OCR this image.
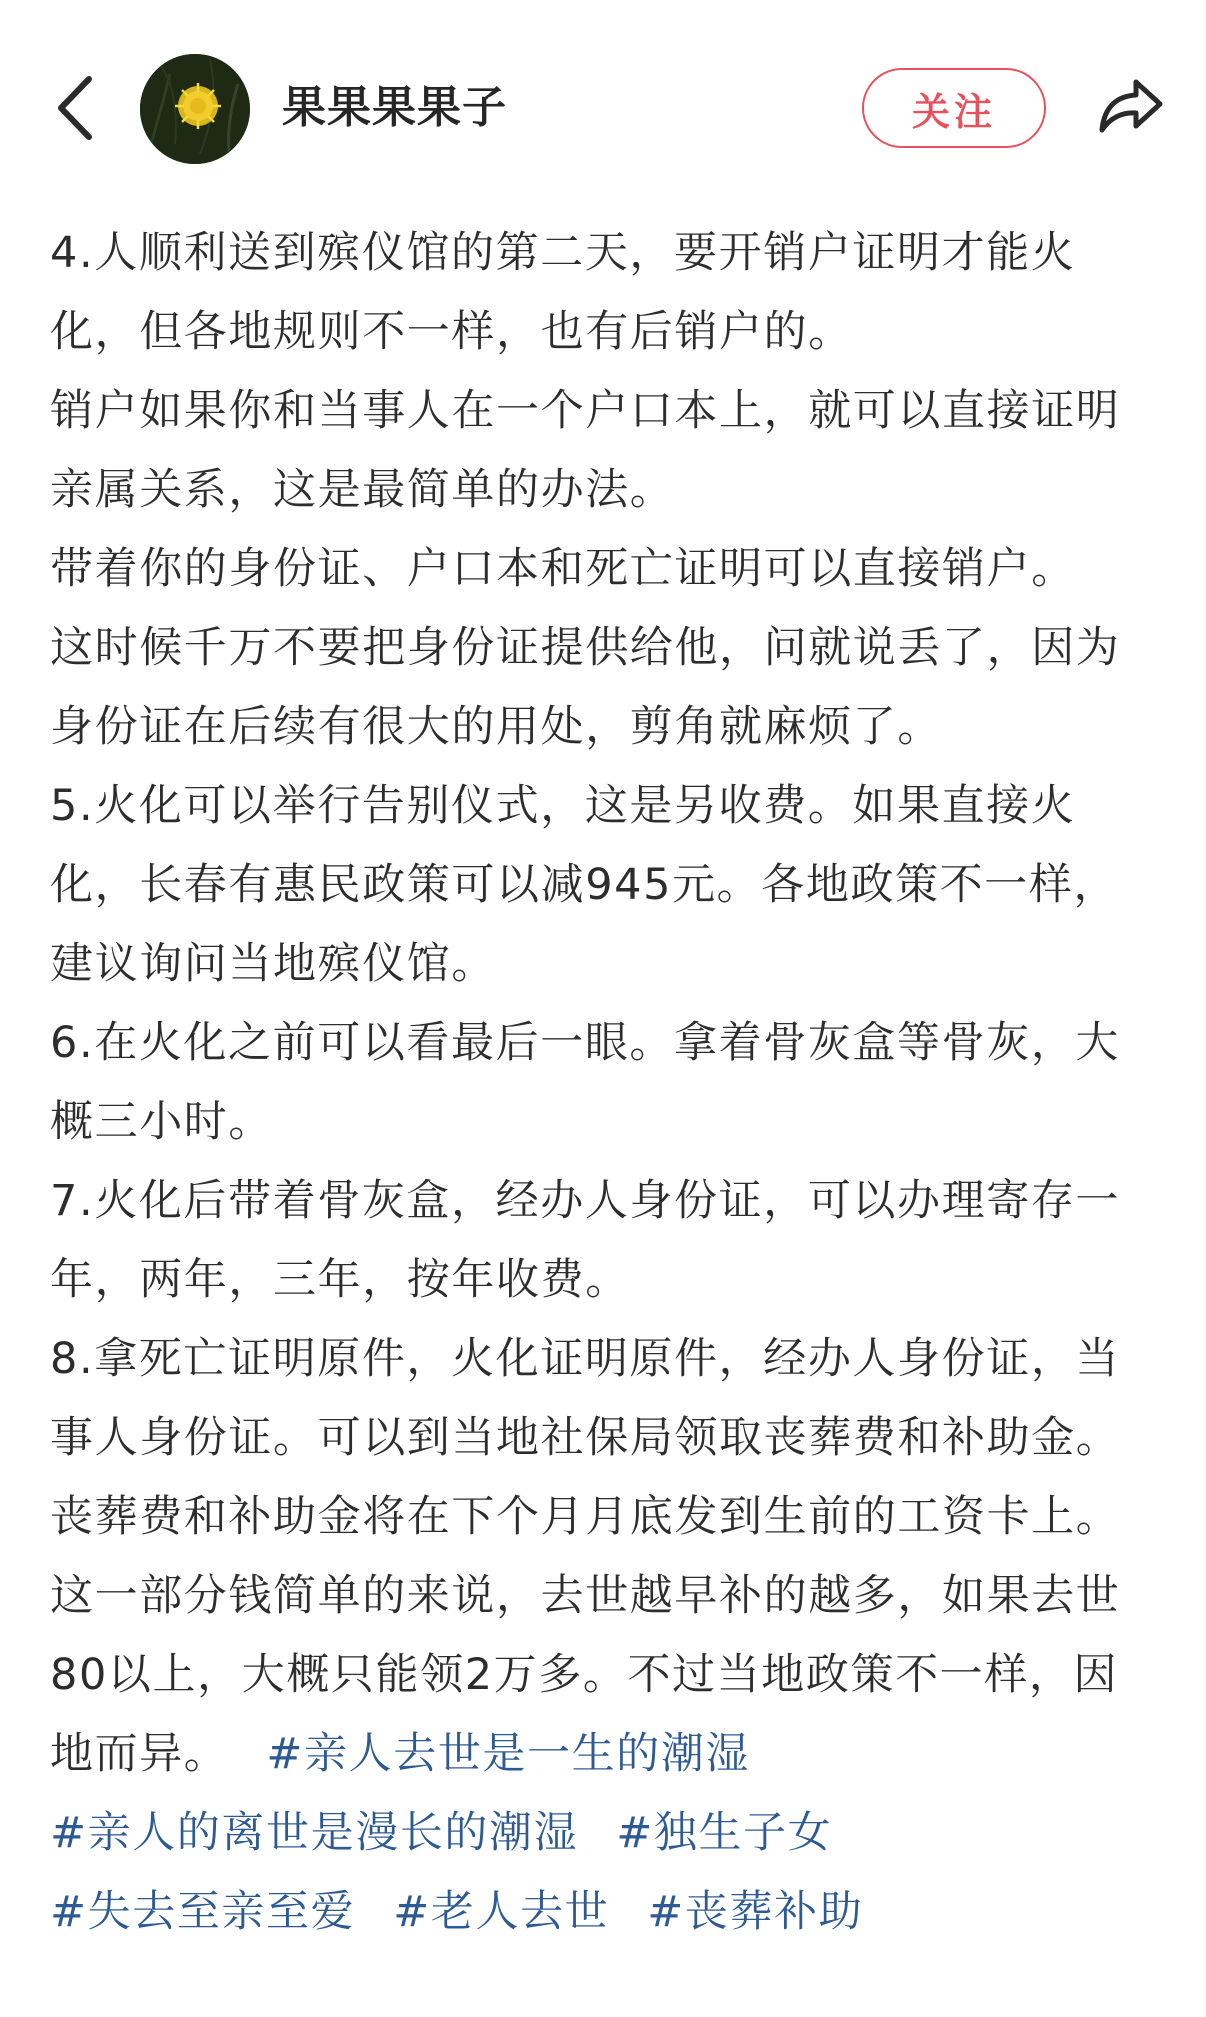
果果果果子	关注

4.人顺利送到殡仪馆的第二天，要开销户证明才能火化，但各地规则不一样，也有后销户的。

销户如果你和当事人在一个户口本上，就可以直接证明亲属关系，这是最简单的办法。

带着你的身份证、户口本和死亡证明可以直接销户。

这时候千万不要把身份证提供给他，问就说丢了，因为身份证在后续有很大的用处，剪角就麻烦了。

5.火化可以举行告别仪式，这是另收费。如果直接火化，长春有惠民政策可以减945元。各地政策不一样，建议询问当地殡仪馆。

6.在火化之前可以看最后一眼。拿着骨灰盒等骨灰，大概三小时。

7.火化后带着骨灰盒，经办人身份证，可以办理寄存一年，两年，三年，按年收费。

8.拿死亡证明原件，火化证明原件，经办人身份证，当事人身份证。可以到当地社保局领取丧葬费和补助金。

丧葬费和补助金将在下个月月底发到生前的工资卡上。这一部分钱简单的来说，去世越早补的越多，如果去世80以上，大概只能领2万多。不过当地政策不一样，因地而异。 #亲人去世是一生的潮湿#亲人的离世是漫长的潮湿 #独生子女#失去至亲至爱 #老人去世 #丧葬补助
